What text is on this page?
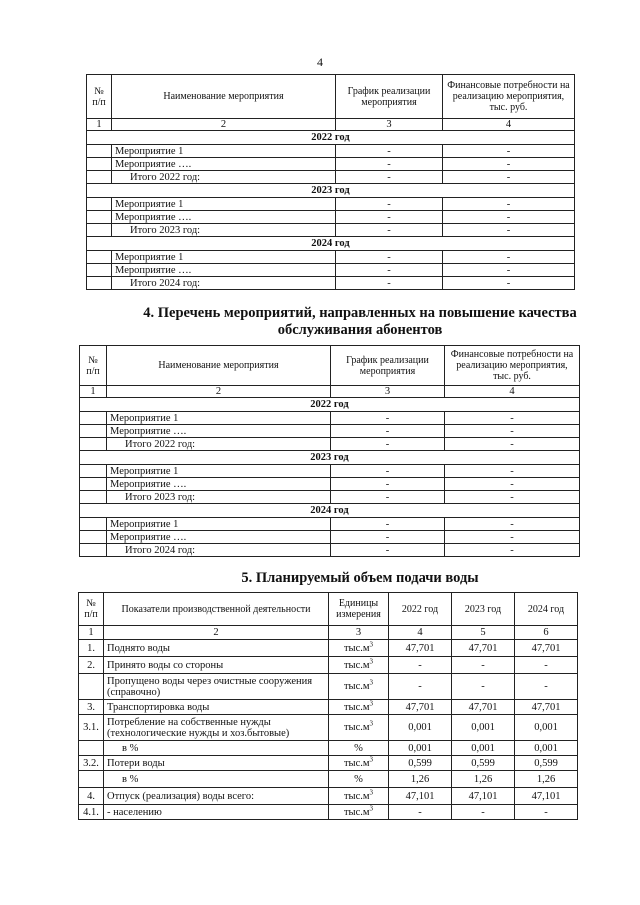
4
№ п/п	Наименование мероприятия	График реализации мероприятия	Финансовые потребности на реализацию мероприятия, тыс. руб.
1	2	3	4
2022 год			
	Мероприятие 1	-	-
	Мероприятие ….	-	-
	Итого 2022 год:	-	-
2023 год			
	Мероприятие 1	-	-
	Мероприятие ….	-	-
	Итого 2023 год:	-	-
2024 год			
	Мероприятие 1	-	-
	Мероприятие ….	-	-
	Итого 2024 год:	-	-
4. Перечень мероприятий, направленных на повышение качества
обслуживания абонентов
№ п/п	Наименование мероприятия	График реализации мероприятия	Финансовые потребности на реализацию мероприятия, тыс. руб.
1	2	3	4
2022 год			
	Мероприятие 1	-	-
	Мероприятие ….	-	-
	Итого 2022 год:	-	-
2023 год			
	Мероприятие 1	-	-
	Мероприятие ….	-	-
	Итого 2023 год:	-	-
2024 год			
	Мероприятие 1	-	-
	Мероприятие ….	-	-
	Итого 2024 год:	-	-
5. Планируемый объем подачи воды
№ п/п	Показатели производственной деятельности	Единицы измерения	2022 год	2023 год	2024 год
1	2	3	4	5	6
1.	Поднято воды	$тыс.м^3$	47,701	47,701	47,701
2.	Принято воды со стороны	$тыс.м^3$	-	-	-
	Пропущено воды через очистные сооружения (справочно)	$тыс.м^3$	-	-	-
3.	Транспортировка воды	$тыс.м^3$	47,701	47,701	47,701
3.1.	Потребление на собственные нужды (технологические нужды и хоз.бытовые)	$тыс.м^3$	0,001	0,001	0,001
	в %	%	0,001	0,001	0,001
3.2.	Потери воды	$тыс.м^3$	0,599	0,599	0,599
	в %	%	1,26	1,26	1,26
4.	Отпуск (реализация) воды всего:	$тыс.м^3$	47,101	47,101	47,101
4.1.	- населению	$тыс.м^3$	-	-	-
